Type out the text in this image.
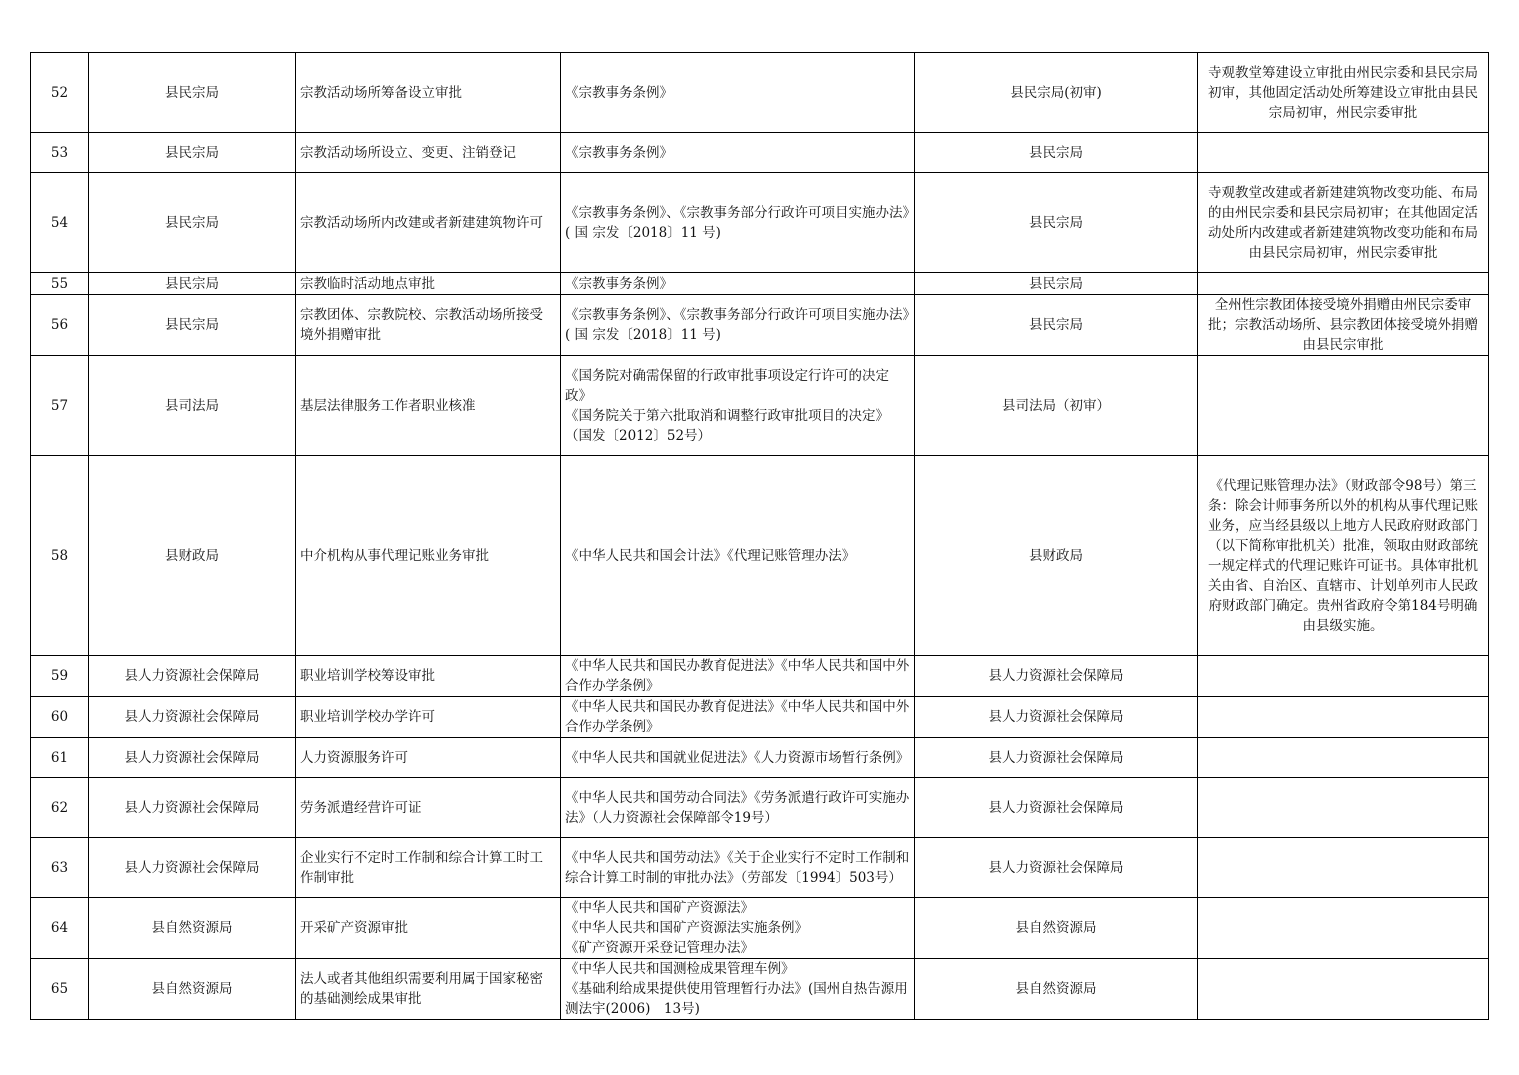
52	县民宗局	宗教活动场所筹备设立审批	《宗教事务条例》	县民宗局(初审)	寺观教堂筹建设立审批由州民宗委和县民宗局初审，其他固定活动处所筹建设立审批由县民宗局初审，州民宗委审批
53	县民宗局	宗教活动场所设立、变更、注销登记	《宗教事务条例》	县民宗局	
54	县民宗局	宗教活动场所内改建或者新建建筑物许可	《宗教事务条例》、《宗教事务部分行政许可项目实施办法》( 国 宗发〔2018〕11 号)	县民宗局	寺观教堂改建或者新建建筑物改变功能、布局的由州民宗委和县民宗局初审；在其他固定活动处所内改建或者新建建筑物改变功能和布局由县民宗局初审，州民宗委审批
55	县民宗局	宗教临时活动地点审批	《宗教事务条例》	县民宗局	
56	县民宗局	宗教团体、宗教院校、宗教活动场所接受境外捐赠审批	《宗教事务条例》、《宗教事务部分行政许可项目实施办法》( 国 宗发〔2018〕11 号)	县民宗局	全州性宗教团体接受境外捐赠由州民宗委审批；宗教活动场所、县宗教团体接受境外捐赠由县民宗审批
57	县司法局	基层法律服务工作者职业核准	《国务院对确需保留的行政审批事项设定行许可的决定政》
《国务院关于第六批取消和调整行政审批项目的决定》
（国发〔2012〕52号）	县司法局（初审）	
58	县财政局	中介机构从事代理记账业务审批	《中华人民共和国会计法》《代理记账管理办法》	县财政局	《代理记账管理办法》（财政部令98号）第三条：除会计师事务所以外的机构从事代理记账业务，应当经县级以上地方人民政府财政部门（以下简称审批机关）批准，领取由财政部统一规定样式的代理记账许可证书。具体审批机关由省、自治区、直辖市、计划单列市人民政府财政部门确定。贵州省政府令第184号明确由县级实施。
59	县人力资源社会保障局	职业培训学校筹设审批	《中华人民共和国民办教育促进法》《中华人民共和国中外合作办学条例》	县人力资源社会保障局	
60	县人力资源社会保障局	职业培训学校办学许可	《中华人民共和国民办教育促进法》《中华人民共和国中外合作办学条例》	县人力资源社会保障局	
61	县人力资源社会保障局	人力资源服务许可	《中华人民共和国就业促进法》《人力资源市场暂行条例》	县人力资源社会保障局	
62	县人力资源社会保障局	劳务派遣经营许可证	《中华人民共和国劳动合同法》《劳务派遣行政许可实施办法》（人力资源社会保障部令19号）	县人力资源社会保障局	
63	县人力资源社会保障局	企业实行不定时工作制和综合计算工时工作制审批	《中华人民共和国劳动法》《关于企业实行不定时工作制和综合计算工时制的审批办法》（劳部发〔1994〕503号）	县人力资源社会保障局	
64	县自然资源局	开采矿产资源审批	《中华人民共和国矿产资源法》
《中华人民共和国矿产资源法实施条例》
《矿产资源开采登记管理办法》	县自然资源局	
65	县自然资源局	法人或者其他组织需要利用属于国家秘密的基础测绘成果审批	《中华人民共和国测检成果管理车例》
《基础利给成果提供使用管理暂行办法》(国州自热告源用测法宇(2006)　13号)	县自然资源局	
